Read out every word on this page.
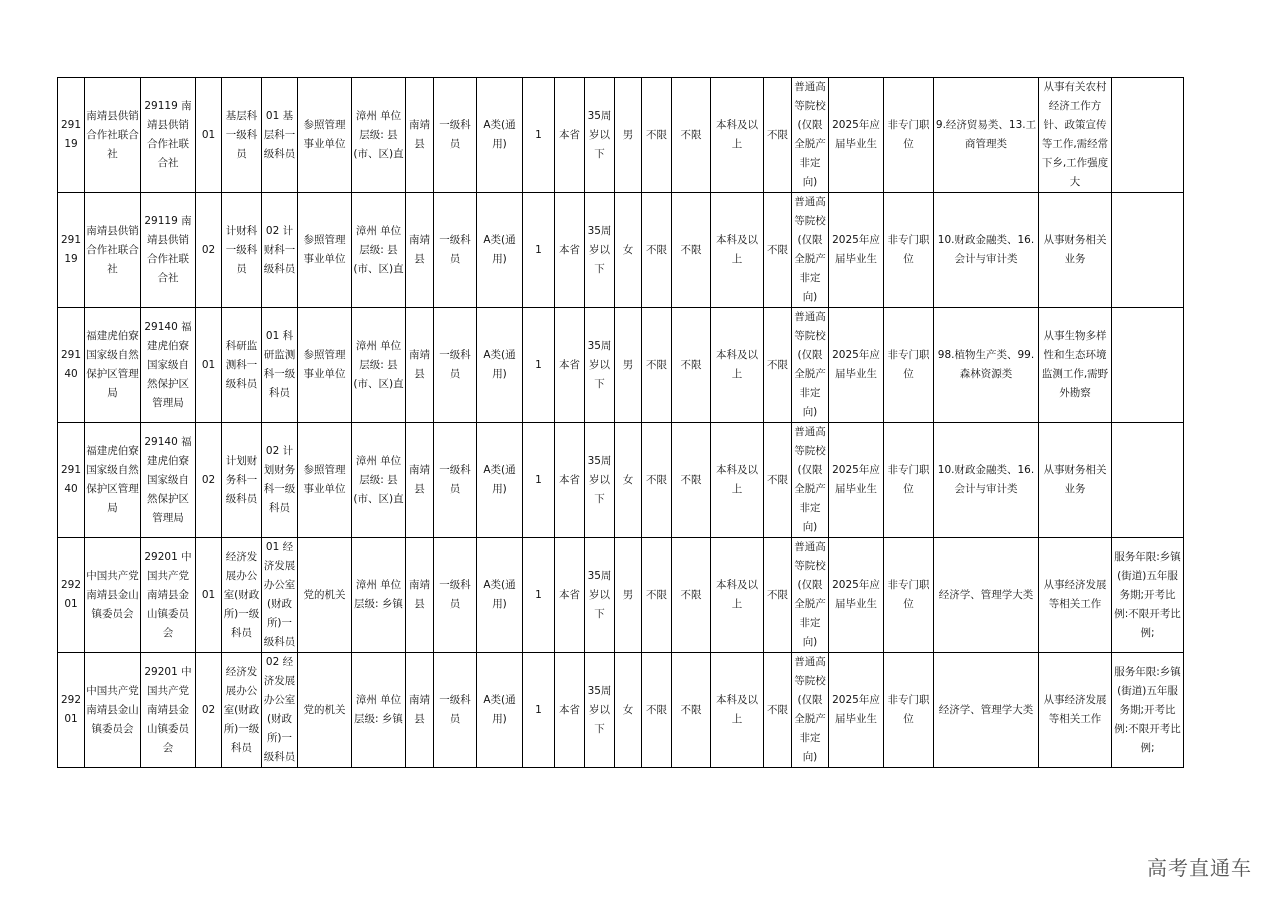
29119	南靖县供销合作社联合社	29119 南靖县供销合作社联合社	01	基层科一级科员	01 基层科一级科员	参照管理事业单位	漳州 单位层级: 县(市、区)直	南靖县	一级科员	A类(通用)	1	本省	35周岁以下	男	不限	不限	本科及以上	不限	普通高等院校(仅限全脱产非定向)	2025年应届毕业生	非专门职位	9.经济贸易类、13.工商管理类	从事有关农村经济工作方针、政策宣传等工作,需经常下乡,工作强度大	
29119	南靖县供销合作社联合社	29119 南靖县供销合作社联合社	02	计财科一级科员	02 计财科一级科员	参照管理事业单位	漳州 单位层级: 县(市、区)直	南靖县	一级科员	A类(通用)	1	本省	35周岁以下	女	不限	不限	本科及以上	不限	普通高等院校(仅限全脱产非定向)	2025年应届毕业生	非专门职位	10.财政金融类、16.会计与审计类	从事财务相关业务	
29140	福建虎伯寮国家级自然保护区管理局	29140 福建虎伯寮国家级自然保护区管理局	01	科研监测科一级科员	01 科研监测科一级科员	参照管理事业单位	漳州 单位层级: 县(市、区)直	南靖县	一级科员	A类(通用)	1	本省	35周岁以下	男	不限	不限	本科及以上	不限	普通高等院校(仅限全脱产非定向)	2025年应届毕业生	非专门职位	98.植物生产类、99.森林资源类	从事生物多样性和生态环境监测工作,需野外勘察	
29140	福建虎伯寮国家级自然保护区管理局	29140 福建虎伯寮国家级自然保护区管理局	02	计划财务科一级科员	02 计划财务科一级科员	参照管理事业单位	漳州 单位层级: 县(市、区)直	南靖县	一级科员	A类(通用)	1	本省	35周岁以下	女	不限	不限	本科及以上	不限	普通高等院校(仅限全脱产非定向)	2025年应届毕业生	非专门职位	10.财政金融类、16.会计与审计类	从事财务相关业务	
29201	中国共产党南靖县金山镇委员会	29201 中国共产党南靖县金山镇委员会	01	经济发展办公室(财政所)一级科员	01 经济发展办公室(财政所)一级科员	党的机关	漳州 单位层级: 乡镇	南靖县	一级科员	A类(通用)	1	本省	35周岁以下	男	不限	不限	本科及以上	不限	普通高等院校(仅限全脱产非定向)	2025年应届毕业生	非专门职位	经济学、管理学大类	从事经济发展等相关工作	服务年限:乡镇(街道)五年服务期;开考比例:不限开考比例;
29201	中国共产党南靖县金山镇委员会	29201 中国共产党南靖县金山镇委员会	02	经济发展办公室(财政所)一级科员	02 经济发展办公室(财政所)一级科员	党的机关	漳州 单位层级: 乡镇	南靖县	一级科员	A类(通用)	1	本省	35周岁以下	女	不限	不限	本科及以上	不限	普通高等院校(仅限全脱产非定向)	2025年应届毕业生	非专门职位	经济学、管理学大类	从事经济发展等相关工作	服务年限:乡镇(街道)五年服务期;开考比例:不限开考比例;
高考直通车
